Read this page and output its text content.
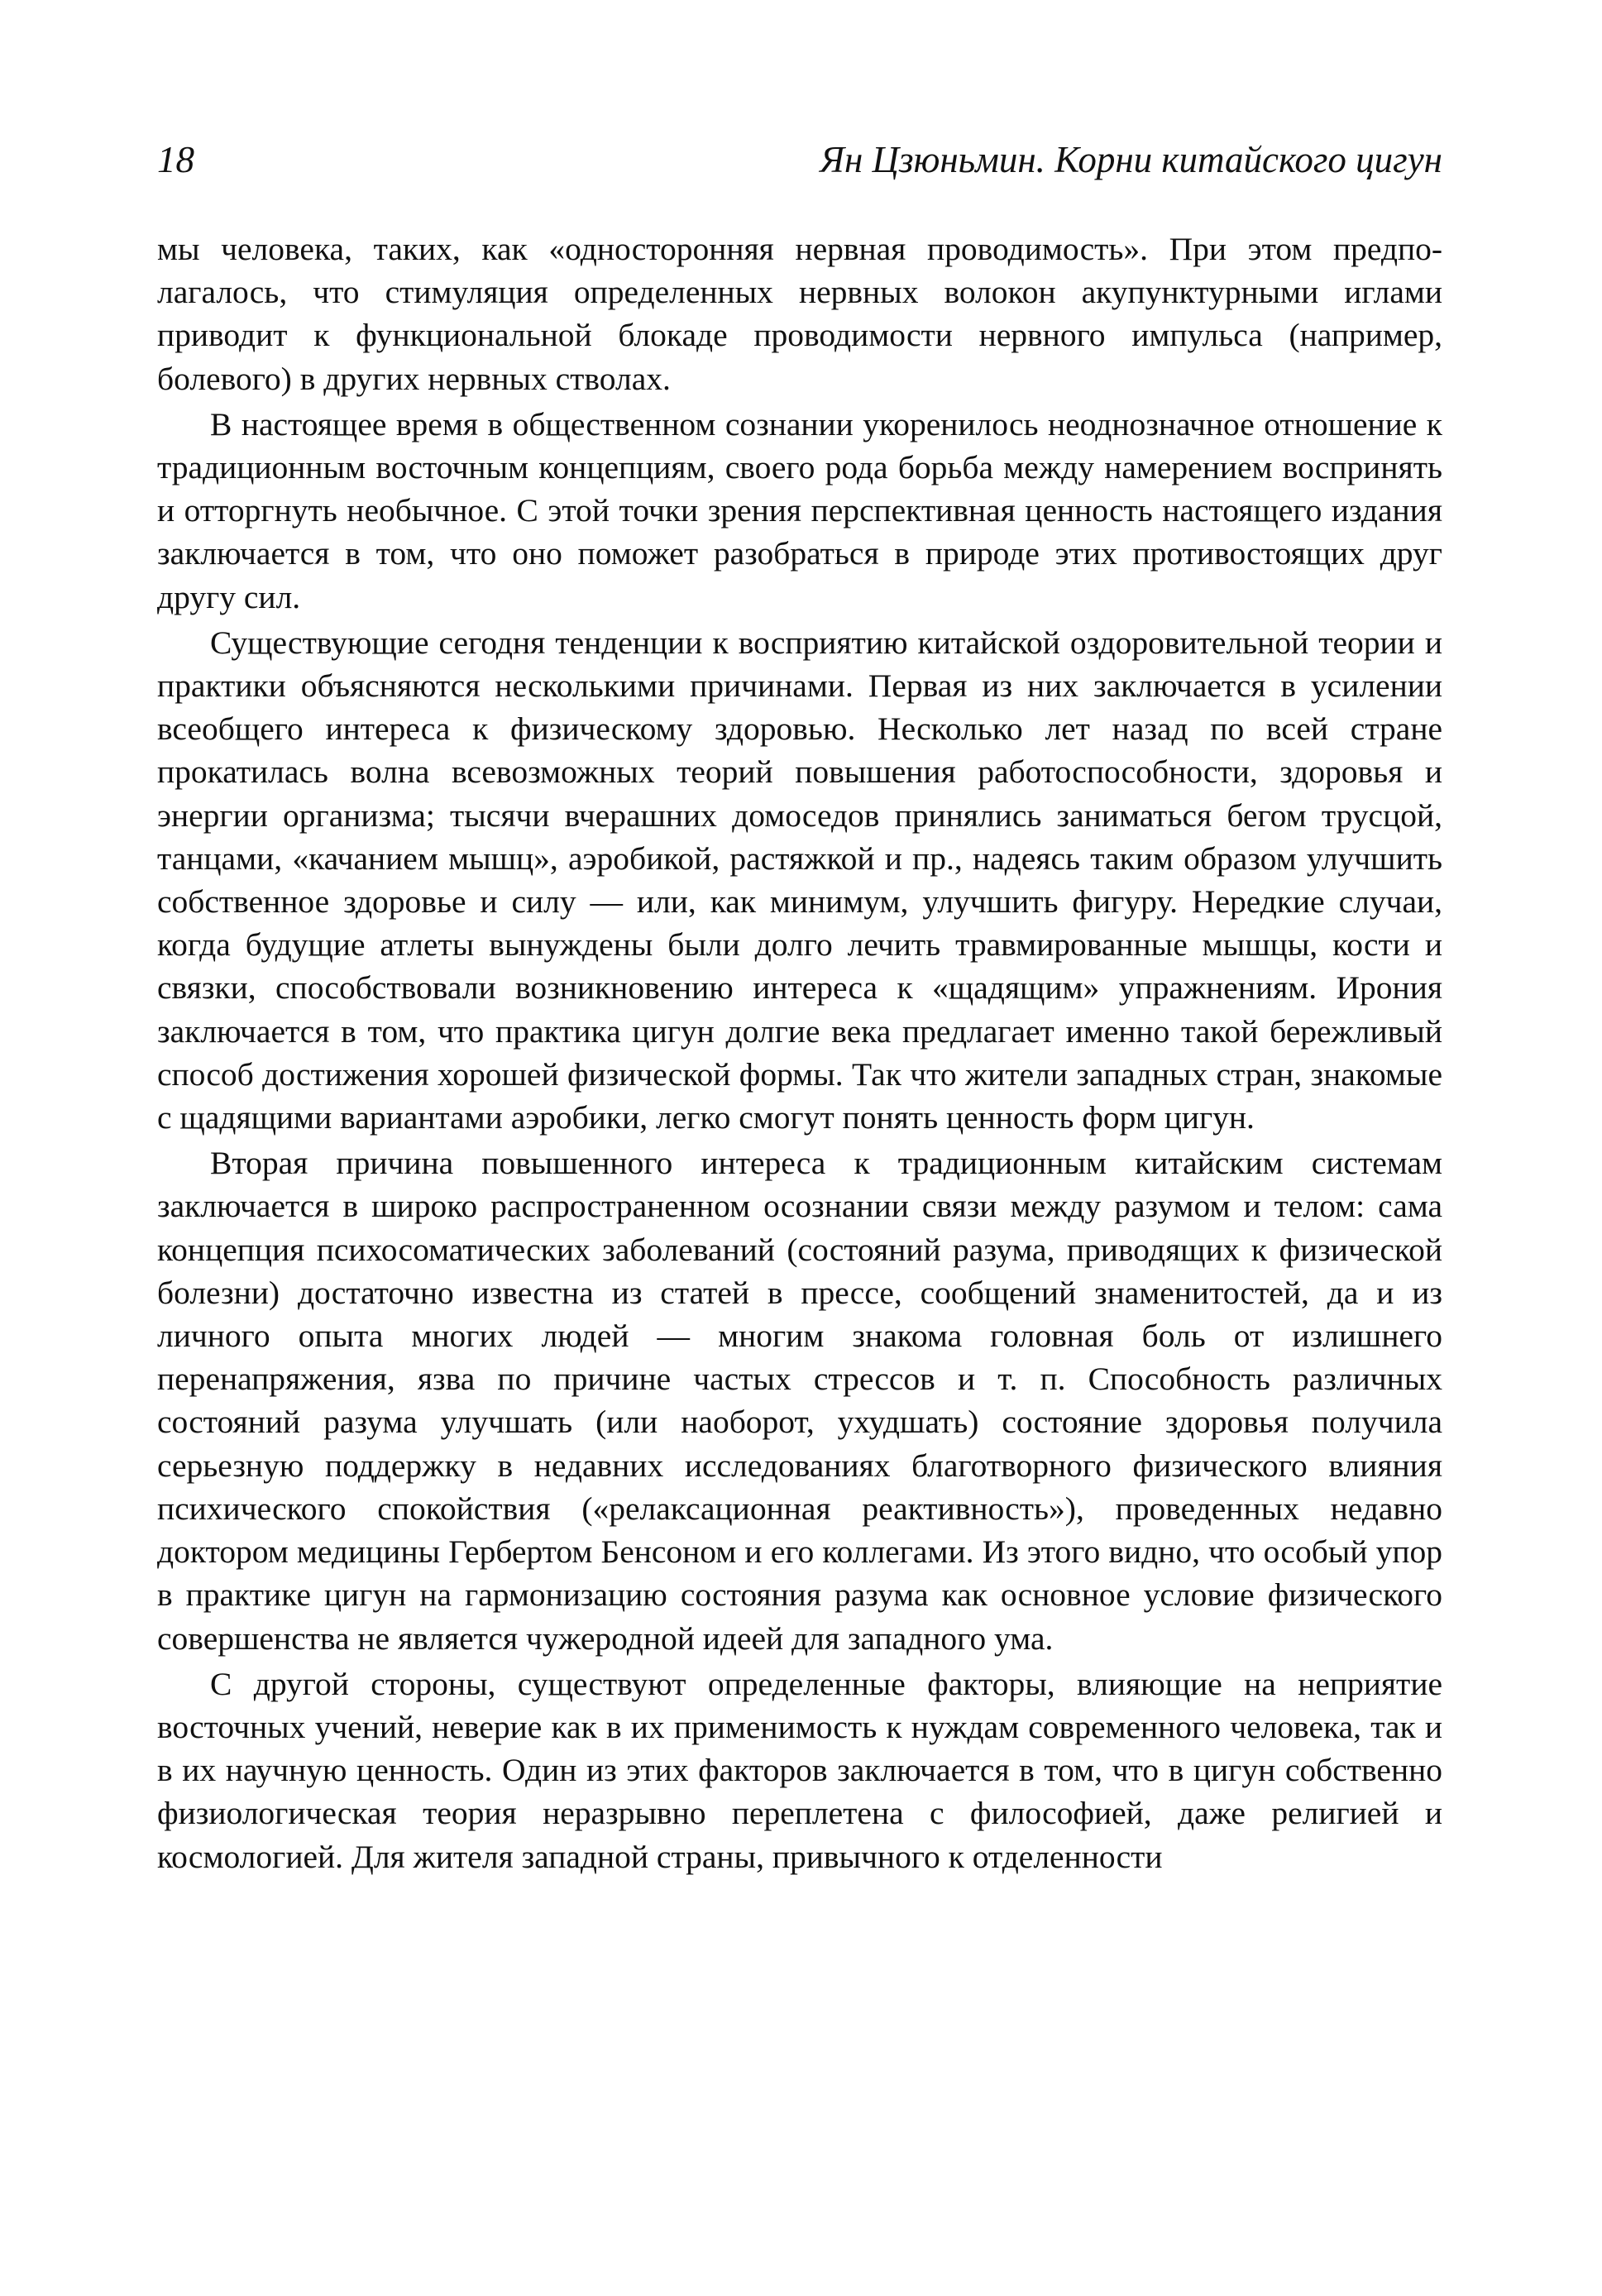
18	Ян Цзюньмин. Корни китайского цигун

мы человека, таких, как «односторонняя нервная проводимость». При этом предполагалось, что стимуляция определенных нервных волокон акупунктурными иглами приводит к функциональной блокаде проводимости нервного импульса (например, болевого) в других нервных стволах.

В настоящее время в общественном сознании укоренилось неоднозначное отношение к традиционным восточным концепциям, своего рода борьба между намерением воспринять и отторгнуть необычное. С этой точки зрения перспективная ценность настоящего издания заключается в том, что оно поможет разобраться в природе этих противостоящих друг другу сил.

Существующие сегодня тенденции к восприятию китайской оздоровительной теории и практики объясняются несколькими причинами. Первая из них заключается в усилении всеобщего интереса к физическому здоровью. Несколько лет назад по всей стране прокатилась волна всевозможных теорий повышения работоспособности, здоровья и энергии организма; тысячи вчерашних домоседов принялись заниматься бегом трусцой, танцами, «качанием мышц», аэробикой, растяжкой и пр., надеясь таким образом улучшить собственное здоровье и силу — или, как минимум, улучшить фигуру. Нередкие случаи, когда будущие атлеты вынуждены были долго лечить травмированные мышцы, кости и связки, способствовали возникновению интереса к «щадящим» упражнениям. Ирония заключается в том, что практика цигун долгие века предлагает именно такой бережливый способ достижения хорошей физической формы. Так что жители западных стран, знакомые с щадящими вариантами аэробики, легко смогут понять ценность форм цигун.

Вторая причина повышенного интереса к традиционным китайским системам заключается в широко распространенном осознании связи между разумом и телом: сама концепция психосоматических заболеваний (состояний разума, приводящих к физической болезни) достаточно известна из статей в прессе, сообщений знаменитостей, да и из личного опыта многих людей — многим знакома головная боль от излишнего перенапряжения, язва по причине частых стрессов и т. п. Способность различных состояний разума улучшать (или наоборот, ухудшать) состояние здоровья получила серьезную поддержку в недавних исследованиях благотворного физического влияния психического спокойствия («релаксационная реактивность»), проведенных недавно доктором медицины Гербертом Бенсоном и его коллегами. Из этого видно, что особый упор в практике цигун на гармонизацию состояния разума как основное условие физического совершенства не является чужеродной идеей для западного ума.

С другой стороны, существуют определенные факторы, влияющие на неприятие восточных учений, неверие как в их применимость к нуждам современного человека, так и в их научную ценность. Один из этих факторов заключается в том, что в цигун собственно физиологическая теория неразрывно переплетена с философией, даже религией и космологией. Для жителя западной страны, привычного к отделенности
